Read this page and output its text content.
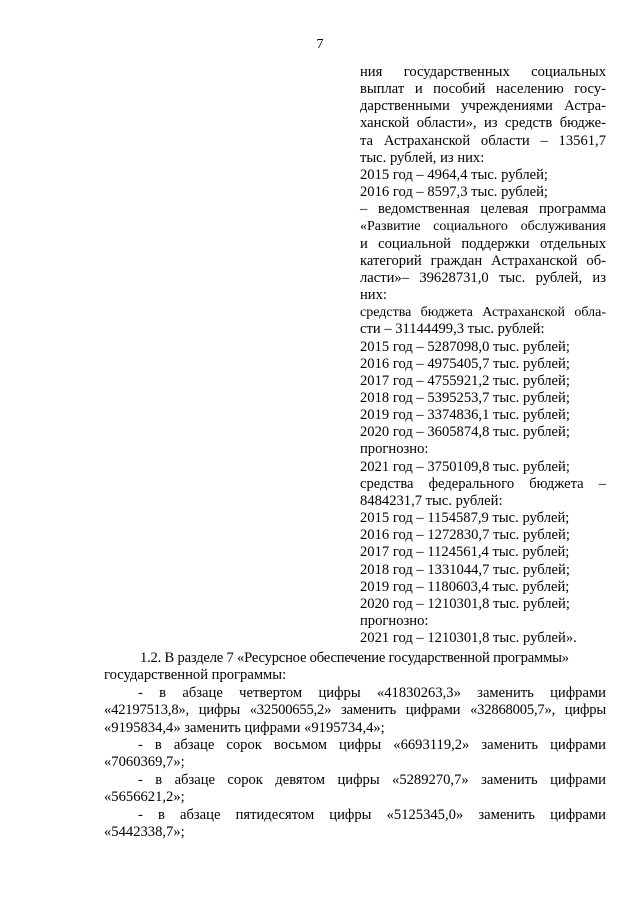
7
ния государственных социальных
выплат и пособий населению госу-
дарственными учреждениями Астра-
ханской области», из средств бюдже-
та Астраханской области – 13561,7
тыс. рублей, из них:
2015 год – 4964,4 тыс. рублей;
2016 год – 8597,3 тыс. рублей;
– ведомственная целевая программа
«Развитие социального обслуживания
и социальной поддержки отдельных
категорий граждан Астраханской об-
ласти»– 39628731,0 тыс. рублей, из
них:
средства бюджета Астраханской обла-
сти – 31144499,3 тыс. рублей:
2015 год – 5287098,0 тыс. рублей;
2016 год – 4975405,7 тыс. рублей;
2017 год – 4755921,2 тыс. рублей;
2018 год – 5395253,7 тыс. рублей;
2019 год – 3374836,1 тыс. рублей;
2020 год – 3605874,8 тыс. рублей;
прогнозно:
2021 год – 3750109,8 тыс. рублей;
средства федерального бюджета –
8484231,7 тыс. рублей:
2015 год – 1154587,9 тыс. рублей;
2016 год – 1272830,7 тыс. рублей;
2017 год – 1124561,4 тыс. рублей;
2018 год – 1331044,7 тыс. рублей;
2019 год – 1180603,4 тыс. рублей;
2020 год – 1210301,8 тыс. рублей;
прогнозно:
2021 год – 1210301,8 тыс. рублей».
1.2. В разделе 7 «Ресурсное обеспечение государственной программы»
государственной программы:
- в абзаце четвертом цифры «41830263,3» заменить цифрами
«42197513,8», цифры «32500655,2» заменить цифрами «32868005,7», цифры
«9195834,4» заменить цифрами «9195734,4»;
- в абзаце сорок восьмом цифры «6693119,2» заменить цифрами
«7060369,7»;
- в абзаце сорок девятом цифры «5289270,7» заменить цифрами
«5656621,2»;
- в абзаце пятидесятом цифры «5125345,0» заменить цифрами
«5442338,7»;
